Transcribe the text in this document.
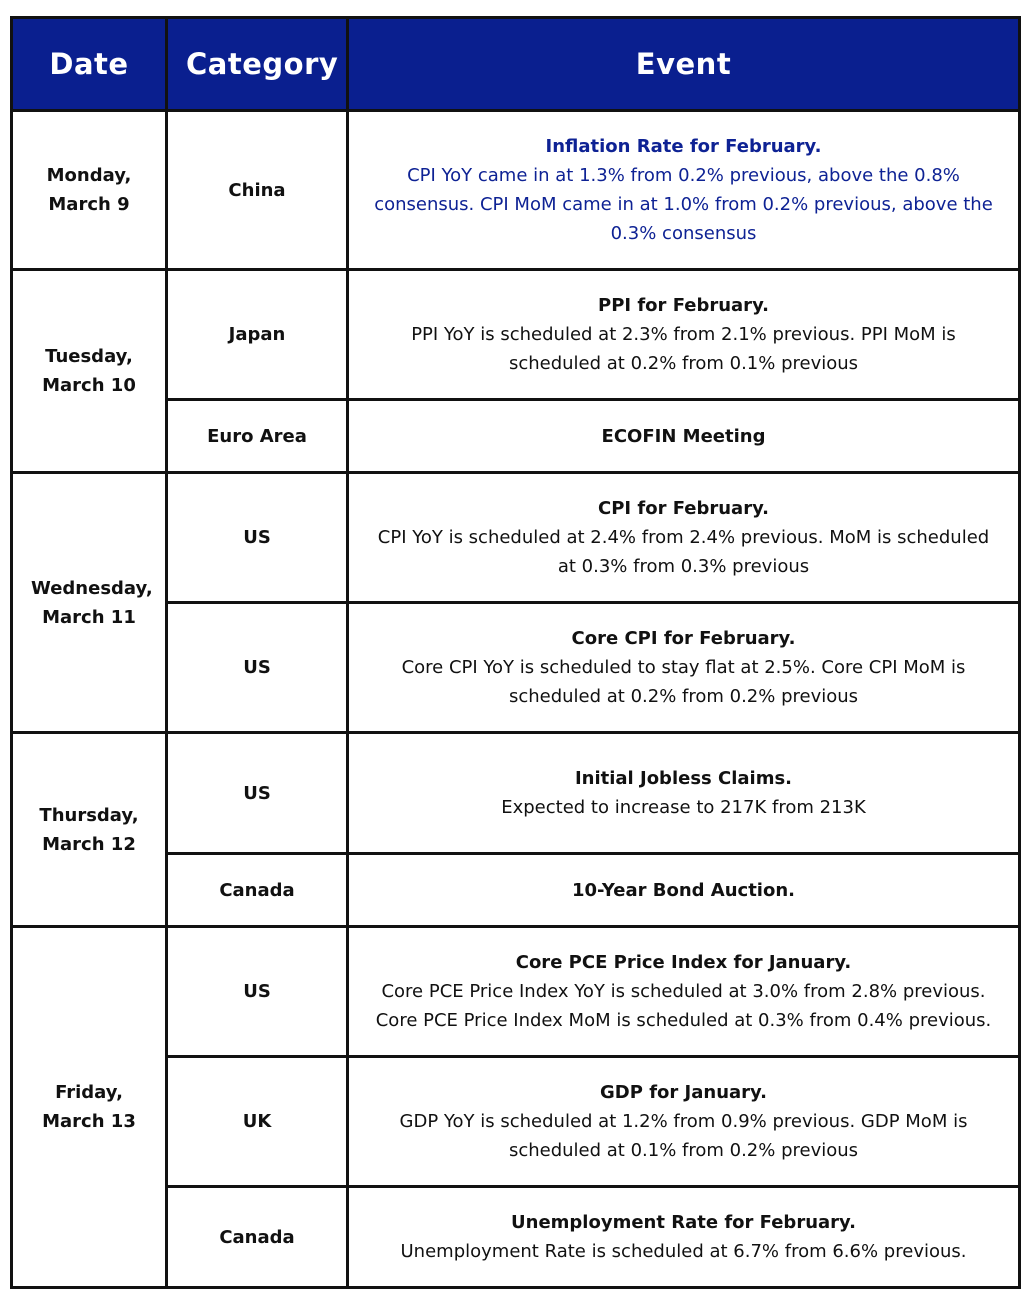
Date	Category	Event
Monday,
March 9	China	Inflation Rate for February.
CPI YoY came in at 1.3% from 0.2% previous, above the 0.8% consensus. CPI MoM came in at 1.0% from 0.2% previous, above the 0.3% consensus

Tuesday,
March 10	Japan	PPI for February.
PPI YoY is scheduled at 2.3% from 2.1% previous. PPI MoM is scheduled at 0.2% from 0.1% previous

	Euro Area	ECOFIN Meeting

Wednesday,
March 11	US	CPI for February.
CPI YoY is scheduled at 2.4% from 2.4% previous. MoM is scheduled at 0.3% from 0.3% previous

	US	Core CPI for February.
Core CPI YoY is scheduled to stay flat at 2.5%. Core CPI MoM is scheduled at 0.2% from 0.2% previous

Thursday,
March 12	US	Initial Jobless Claims.
Expected to increase to 217K from 213K

	Canada	10-Year Bond Auction.

Friday,
March 13	US	Core PCE Price Index for January.
Core PCE Price Index YoY is scheduled at 3.0% from 2.8% previous. Core PCE Price Index MoM is scheduled at 0.3% from 0.4% previous.

	UK	GDP for January.
GDP YoY is scheduled at 1.2% from 0.9% previous. GDP MoM is scheduled at 0.1% from 0.2% previous

	Canada	Unemployment Rate for February.
Unemployment Rate is scheduled at 6.7% from 6.6% previous.
